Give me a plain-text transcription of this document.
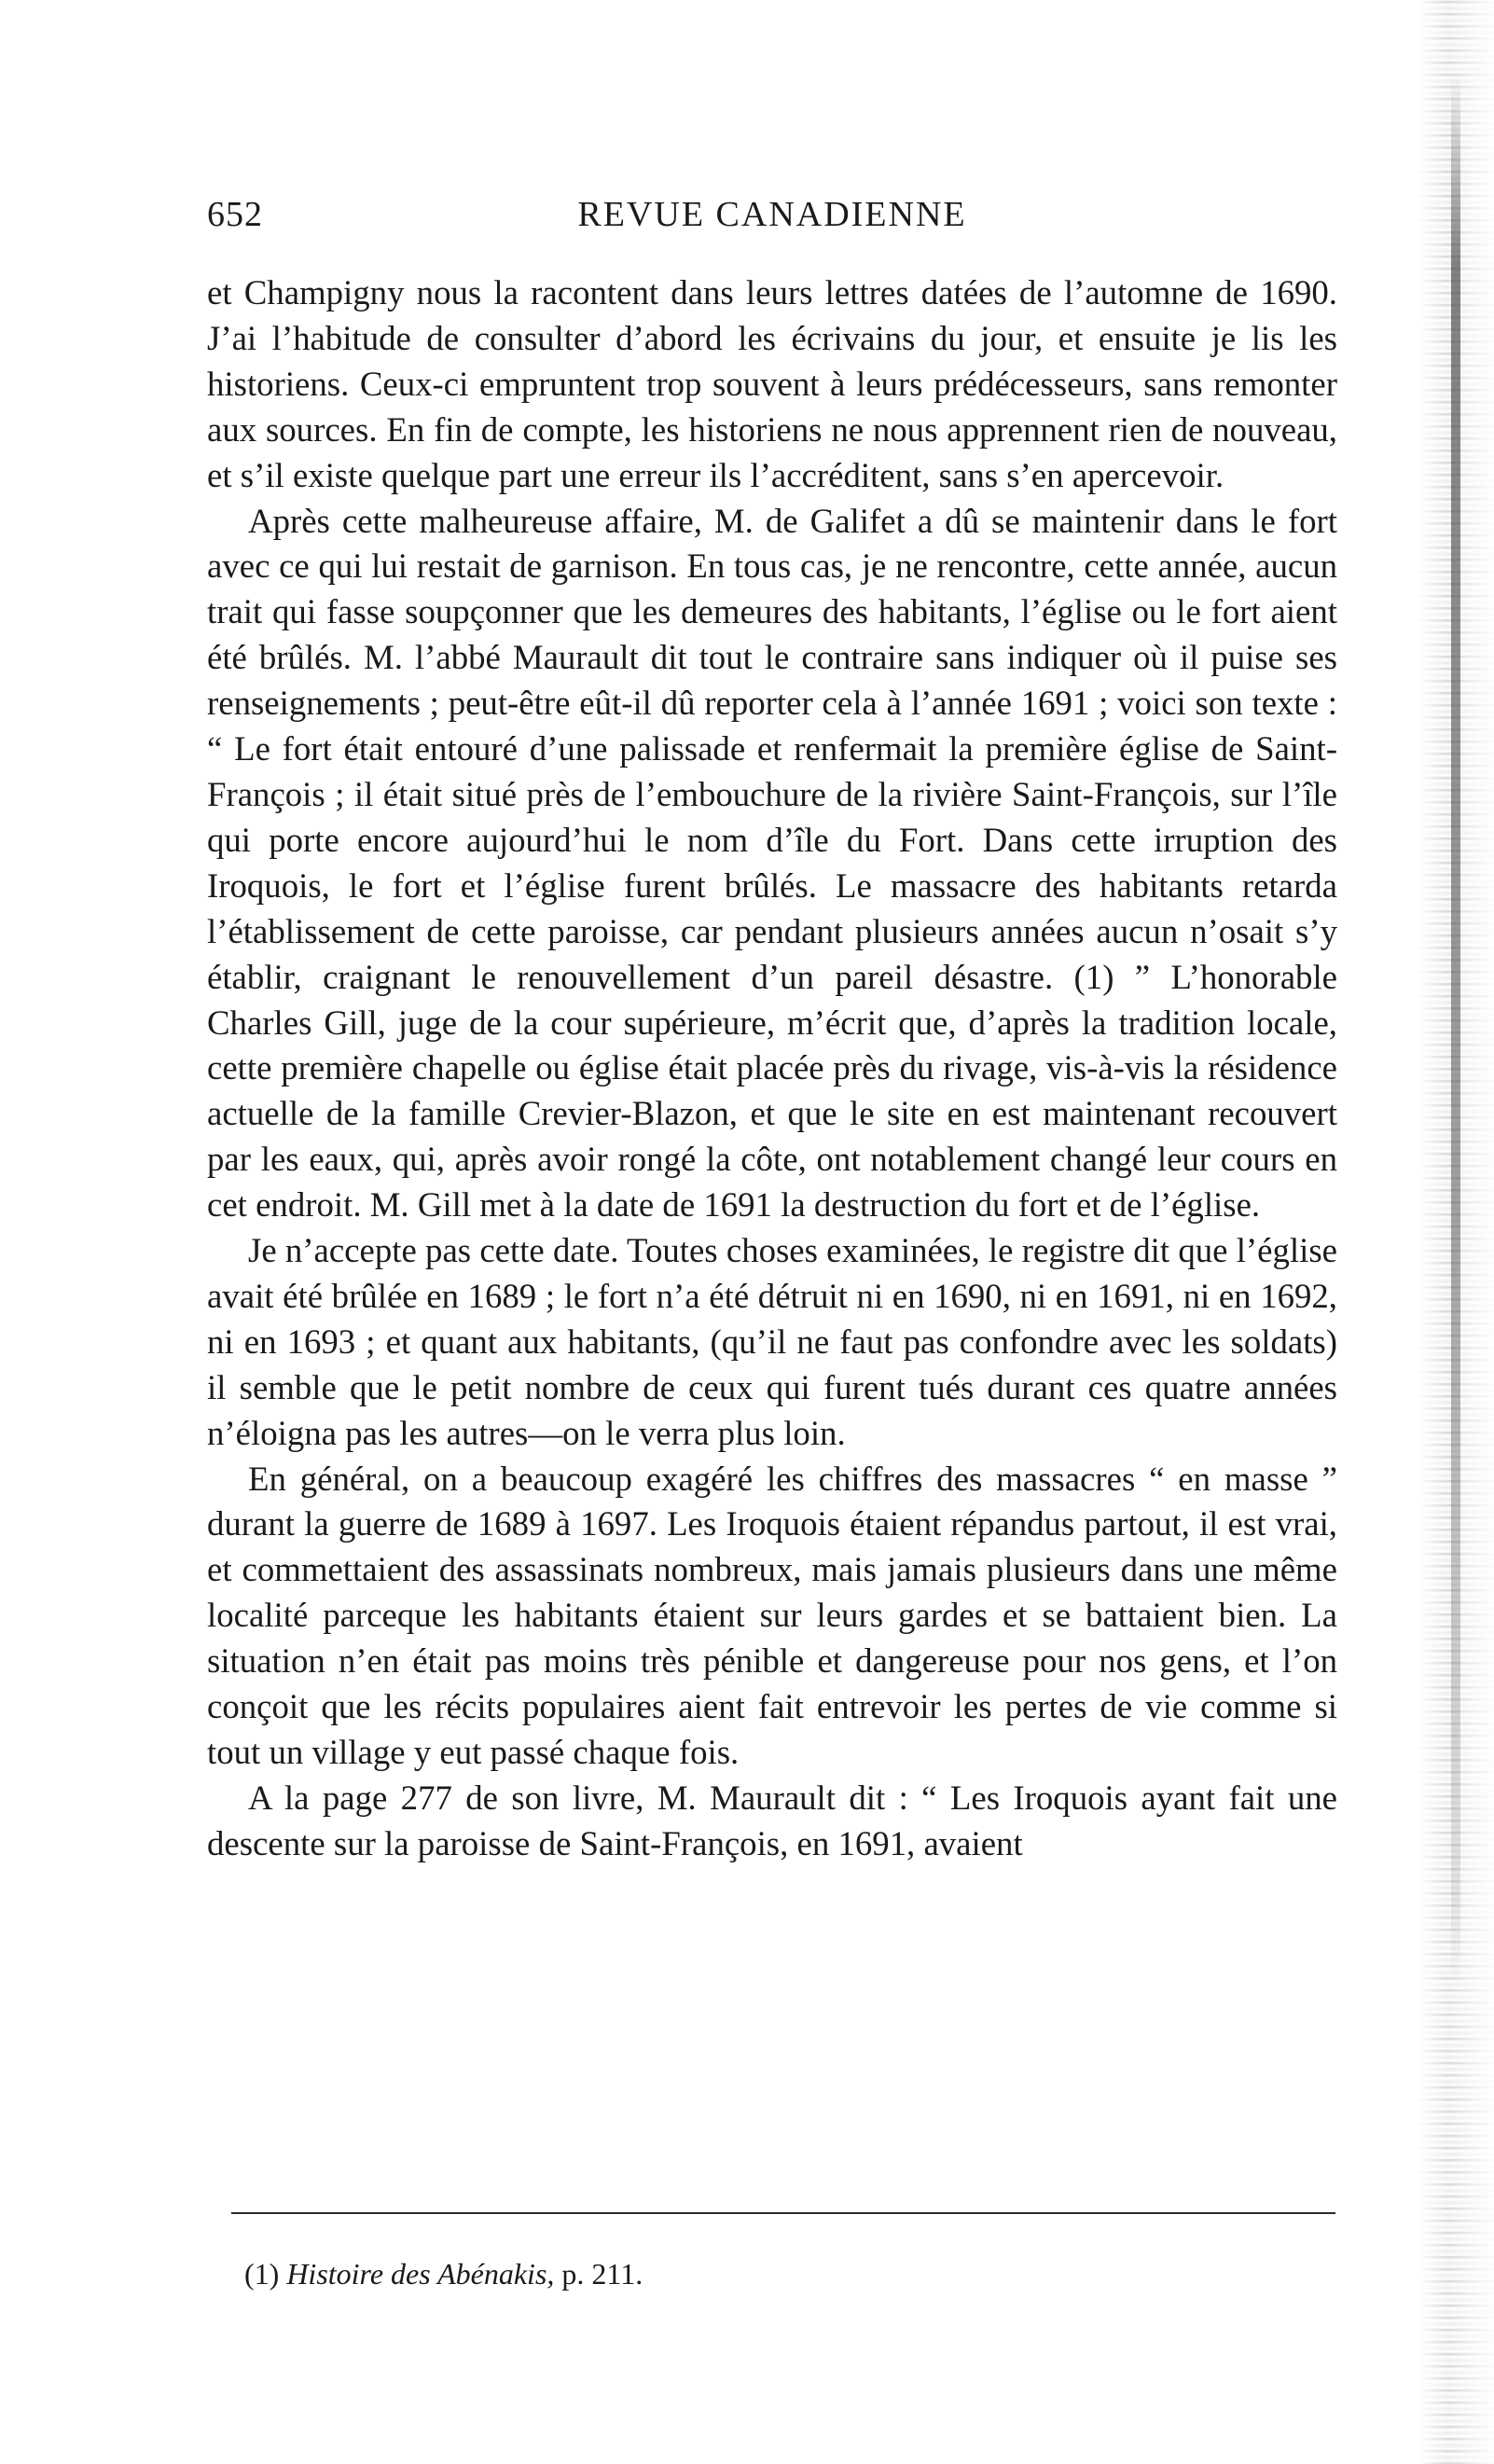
652	REVUE CANADIENNE

et Champigny nous la racontent dans leurs lettres datées de l’automne de 1690. J’ai l’habitude de consulter d’abord les écrivains du jour, et ensuite je lis les historiens. Ceux-ci empruntent trop souvent à leurs prédécesseurs, sans remonter aux sources. En fin de compte, les historiens ne nous apprennent rien de nouveau, et s’il existe quelque part une erreur ils l’accréditent, sans s’en apercevoir.

Après cette malheureuse affaire, M. de Galifet a dû se maintenir dans le fort avec ce qui lui restait de garnison. En tous cas, je ne rencontre, cette année, aucun trait qui fasse soupçonner que les demeures des habitants, l’église ou le fort aient été brûlés. M. l’abbé Maurault dit tout le contraire sans indiquer où il puise ses renseignements ; peut-être eût-il dû reporter cela à l’année 1691 ; voici son texte : “ Le fort était entouré d’une palissade et renfermait la première église de Saint-François ; il était situé près de l’embouchure de la rivière Saint-François, sur l’île qui porte encore aujourd’hui le nom d’île du Fort. Dans cette irruption des Iroquois, le fort et l’église furent brûlés. Le massacre des habitants retarda l’établissement de cette paroisse, car pendant plusieurs années aucun n’osait s’y établir, craignant le renouvellement d’un pareil désastre. (1) ” L’honorable Charles Gill, juge de la cour supérieure, m’écrit que, d’après la tradition locale, cette première chapelle ou église était placée près du rivage, vis-à-vis la résidence actuelle de la famille Crevier-Blazon, et que le site en est maintenant recouvert par les eaux, qui, après avoir rongé la côte, ont notablement changé leur cours en cet endroit. M. Gill met à la date de 1691 la destruction du fort et de l’église.

Je n’accepte pas cette date. Toutes choses examinées, le registre dit que l’église avait été brûlée en 1689 ; le fort n’a été détruit ni en 1690, ni en 1691, ni en 1692, ni en 1693 ; et quant aux habitants, (qu’il ne faut pas confondre avec les soldats) il semble que le petit nombre de ceux qui furent tués durant ces quatre années n’éloigna pas les autres—on le verra plus loin.

En général, on a beaucoup exagéré les chiffres des massacres “ en masse ” durant la guerre de 1689 à 1697. Les Iroquois étaient répandus partout, il est vrai, et commettaient des assassinats nombreux, mais jamais plusieurs dans une même localité parceque les habitants étaient sur leurs gardes et se battaient bien. La situation n’en était pas moins très pénible et dangereuse pour nos gens, et l’on conçoit que les récits populaires aient fait entrevoir les pertes de vie comme si tout un village y eut passé chaque fois.

A la page 277 de son livre, M. Maurault dit : “ Les Iroquois ayant fait une descente sur la paroisse de Saint-François, en 1691, avaient

(1) Histoire des Abénakis, p. 211.
